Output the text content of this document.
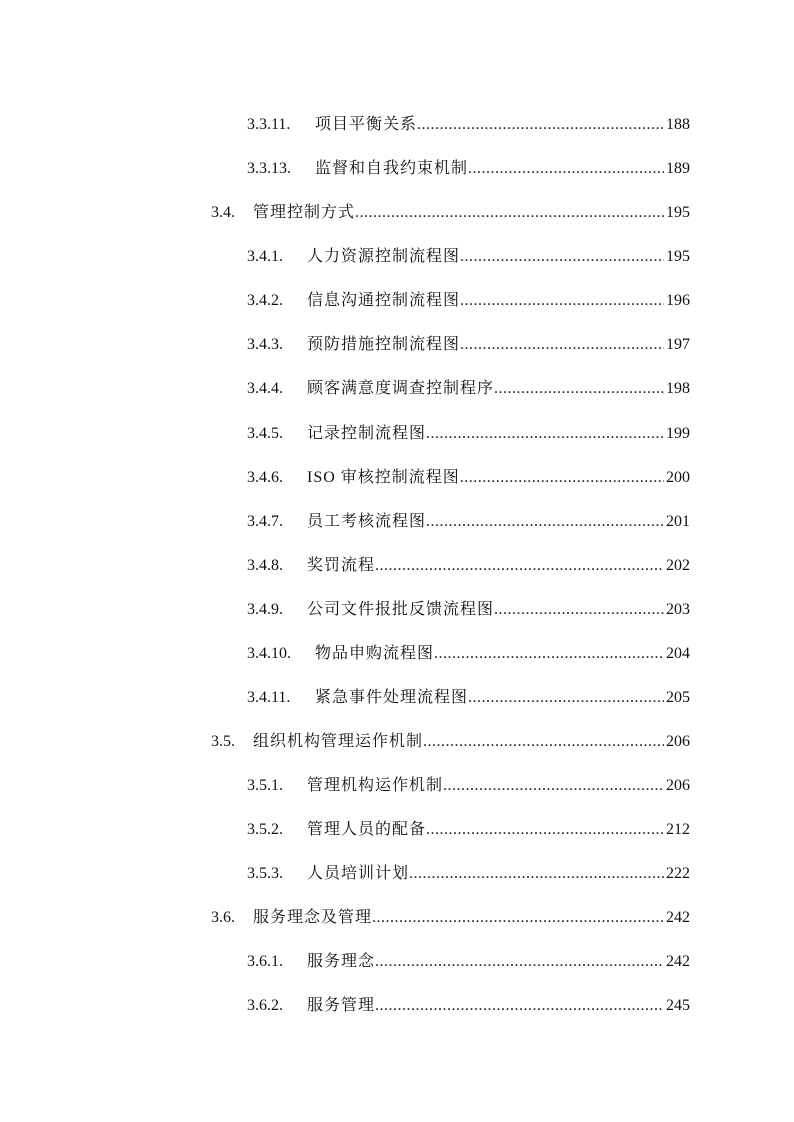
3.3.11.	项目平衡关系 .....	188
3.3.13.	监督和自我约束机制 .....	189
3.4.	管理控制方式 .....	195
3.4.1.	人力资源控制流程图 .....	195
3.4.2.	信息沟通控制流程图 .....	196
3.4.3.	预防措施控制流程图 .....	197
3.4.4.	顾客满意度调查控制程序 .....	198
3.4.5.	记录控制流程图 .....	199
3.4.6.	ISO 审核控制流程图 .....	200
3.4.7.	员工考核流程图 .....	201
3.4.8.	奖罚流程 .....	202
3.4.9.	公司文件报批反馈流程图 .....	203
3.4.10.	物品申购流程图 .....	204
3.4.11.	紧急事件处理流程图 .....	205
3.5.	组织机构管理运作机制 .....	206
3.5.1.	管理机构运作机制 .....	206
3.5.2.	管理人员的配备 .....	212
3.5.3.	人员培训计划 .....	222
3.6.	服务理念及管理 .....	242
3.6.1.	服务理念 .....	242
3.6.2.	服务管理 .....	245
